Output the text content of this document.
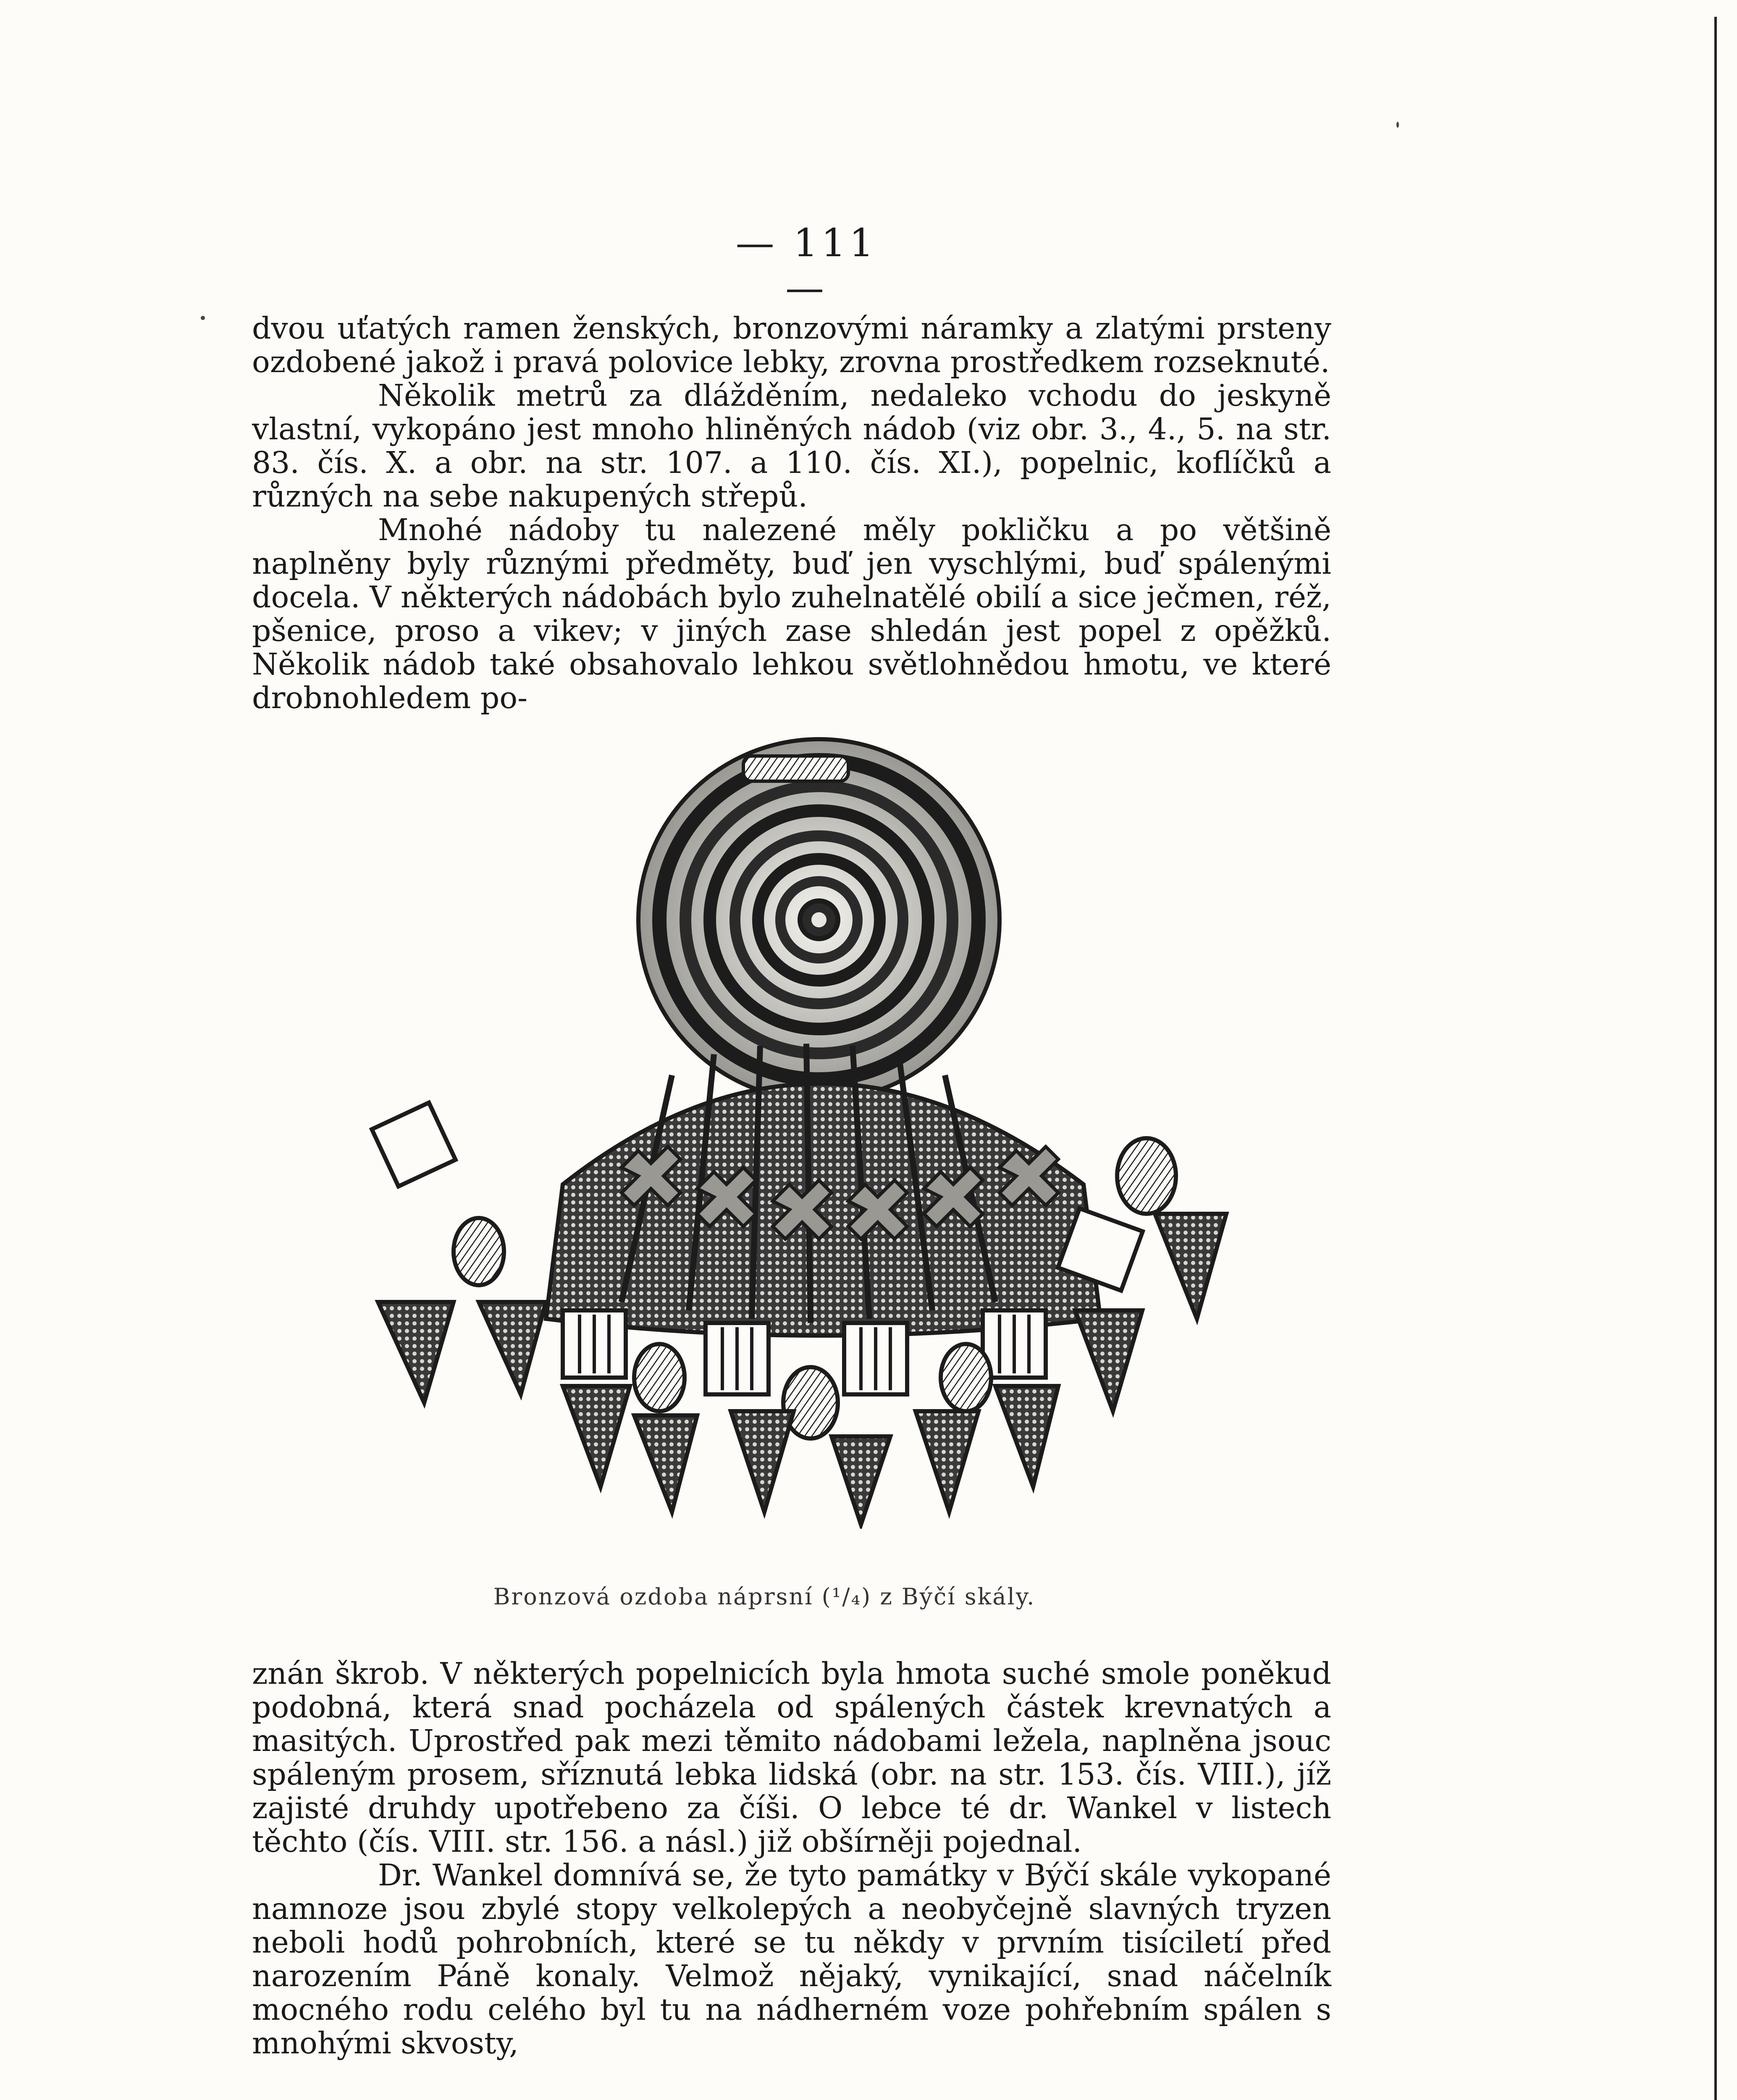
— 111 —

dvou uťatých ramen ženských, bronzovými náramky a zlatými prsteny ozdobené jakož i pravá polovice lebky, zrovna prostředkem rozseknuté.

Několik metrů za dlážděním, nedaleko vchodu do jeskyně vlastní, vykopáno jest mnoho hliněných nádob (viz obr. 3., 4., 5. na str. 83. čís. X. a obr. na str. 107. a 110. čís. XI.), popelnic, koflíčků a různých na sebe nakupených střepů.

Mnohé nádoby tu nalezené měly pokličku a po většině naplněny byly různými předměty, buď jen vyschlými, buď spálenými docela. V některých nádobách bylo zuhelnatělé obilí a sice ječmen, réž, pšenice, proso a vikev; v jiných zase shledán jest popel z opěžků. Několik nádob také obsahovalo lehkou světlohnědou hmotu, ve které drobnohledem po-

Bronzová ozdoba náprsní (¹/₄) z Býčí skály.

znán škrob. V některých popelnicích byla hmota suché smole poněkud podobná, která snad pocházela od spálených částek krevnatých a masitých. Uprostřed pak mezi těmito nádobami ležela, naplněna jsouc spáleným prosem, sříznutá lebka lidská (obr. na str. 153. čís. VIII.), jíž zajisté druhdy upotřebeno za číši. O lebce té dr. Wankel v listech těchto (čís. VIII. str. 156. a násl.) již obšírněji pojednal.

Dr. Wankel domnívá se, že tyto památky v Býčí skále vykopané namnoze jsou zbylé stopy velkolepých a neobyčejně slavných tryzen neboli hodů pohrobních, které se tu někdy v prvním tisíciletí před narozením Páně konaly. Velmož nějaký, vynikající, snad náčelník mocného rodu celého byl tu na nádherném voze pohřebním spálen s mnohými skvosty,
